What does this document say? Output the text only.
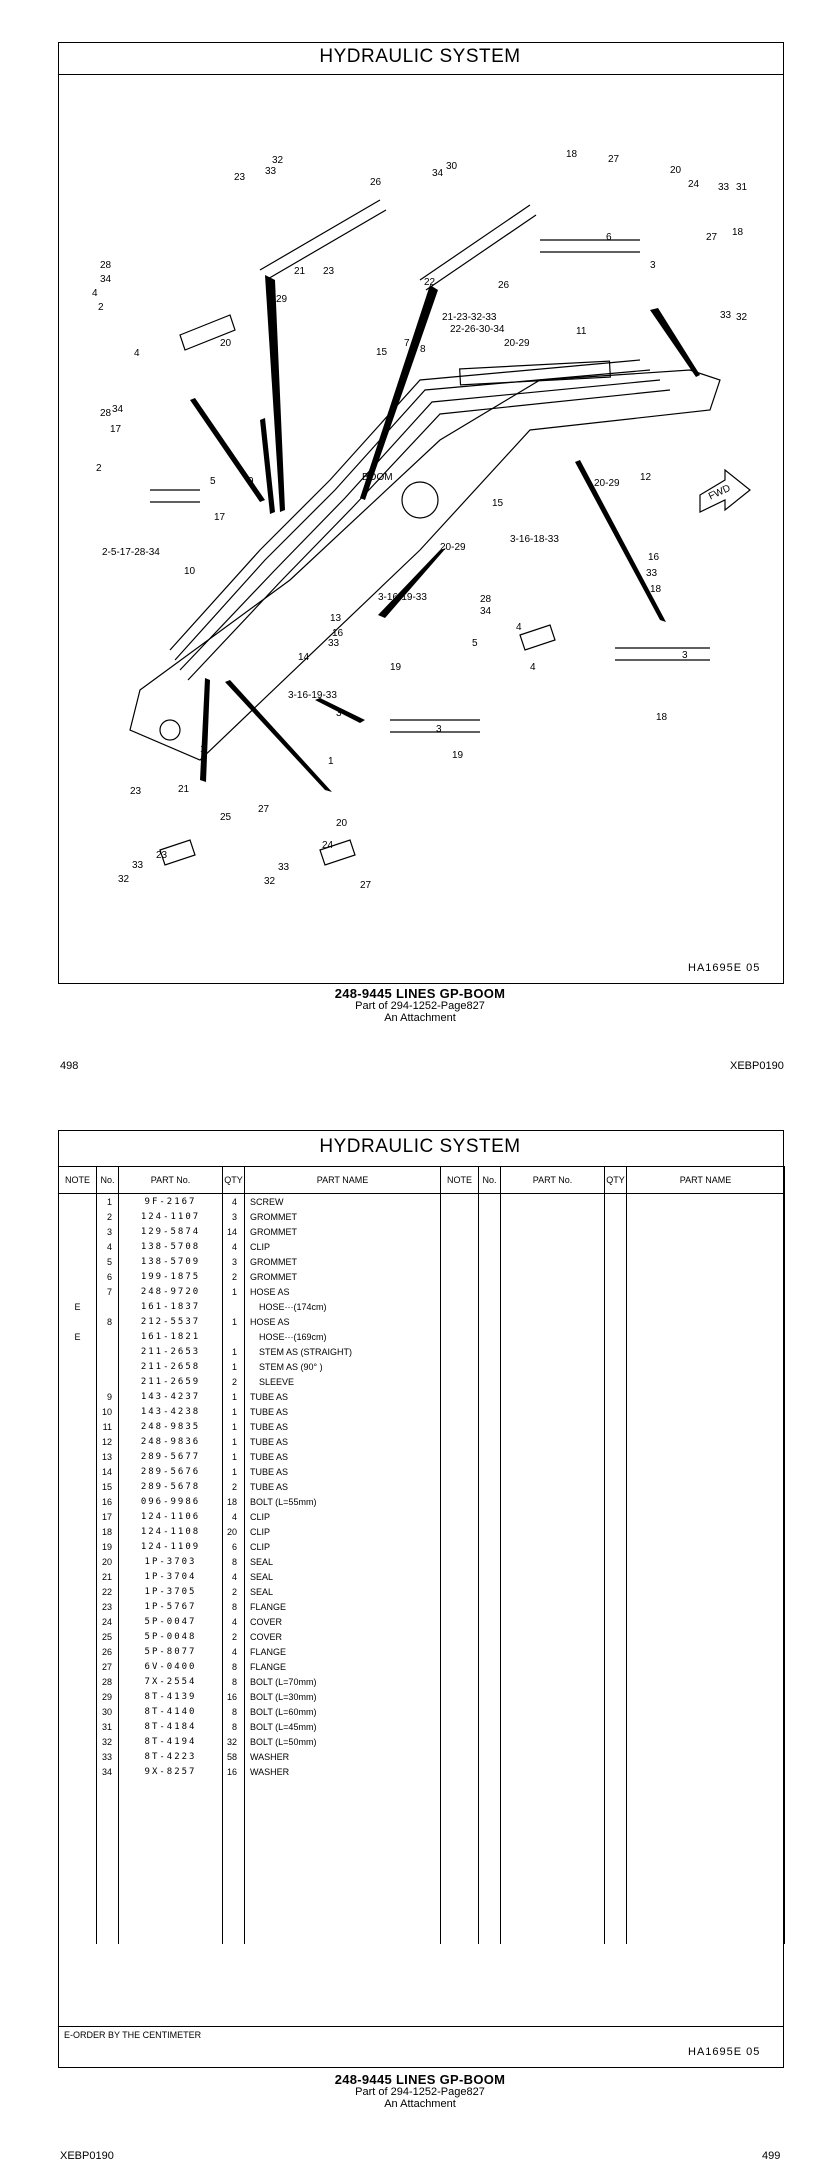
HYDRAULIC SYSTEM
BOOM
FWD
23
33
32
26
34
30
18	27
20
24 33 31
28
34
4
2
21 23
22	26
6
3
27 18
33 32
29
20
4
21-23-32-33
22-26-30-34
20-29
11
7
8
15
28 34
17
2
5
17
9
15
20-29
12
20-29
3-16-18-33
2-5-17-28-34
10
3-16-19-33
13
14
3-16-19-33
16
33
18
28
34
4
5
4
3
18
16
33
19
3
3
19
1
1
23	21
25
27
20
23
24
33	33
32	32	27
HA1695E 05
248-9445 LINES GP-BOOM
Part of 294-1252-Page827
An Attachment
498	XEBP0190
HYDRAULIC SYSTEM
NOTE	No.	PART No.	QTY	PART NAME	NOTE	No.	PART No.	QTY	PART NAME
	1	9F-2167	4	SCREW					
	2	124-1107	3	GROMMET					
	3	129-5874	14	GROMMET					
	4	138-5708	4	CLIP					
	5	138-5709	3	GROMMET					
	6	199-1875	2	GROMMET					
	7	248-9720	1	HOSE AS					
E		161-1837		HOSE···(174cm)					
	8	212-5537	1	HOSE AS					
E		161-1821		HOSE···(169cm)					
		211-2653	1	STEM AS (STRAIGHT)					
		211-2658	1	STEM AS (90° )					
		211-2659	2	SLEEVE					
	9	143-4237	1	TUBE AS					
	10	143-4238	1	TUBE AS					
	11	248-9835	1	TUBE AS					
	12	248-9836	1	TUBE AS					
	13	289-5677	1	TUBE AS					
	14	289-5676	1	TUBE AS					
	15	289-5678	2	TUBE AS					
	16	096-9986	18	BOLT (L=55mm)					
	17	124-1106	4	CLIP					
	18	124-1108	20	CLIP					
	19	124-1109	6	CLIP					
	20	1P-3703	8	SEAL					
	21	1P-3704	4	SEAL					
	22	1P-3705	2	SEAL					
	23	1P-5767	8	FLANGE					
	24	5P-0047	4	COVER					
	25	5P-0048	2	COVER					
	26	5P-8077	4	FLANGE					
	27	6V-0400	8	FLANGE					
	28	7X-2554	8	BOLT (L=70mm)					
	29	8T-4139	16	BOLT (L=30mm)					
	30	8T-4140	8	BOLT (L=60mm)					
	31	8T-4184	8	BOLT (L=45mm)					
	32	8T-4194	32	BOLT (L=50mm)					
	33	8T-4223	58	WASHER					
	34	9X-8257	16	WASHER					

E-ORDER BY THE CENTIMETER
HA1695E 05
248-9445 LINES GP-BOOM
Part of 294-1252-Page827
An Attachment
XEBP0190	499
